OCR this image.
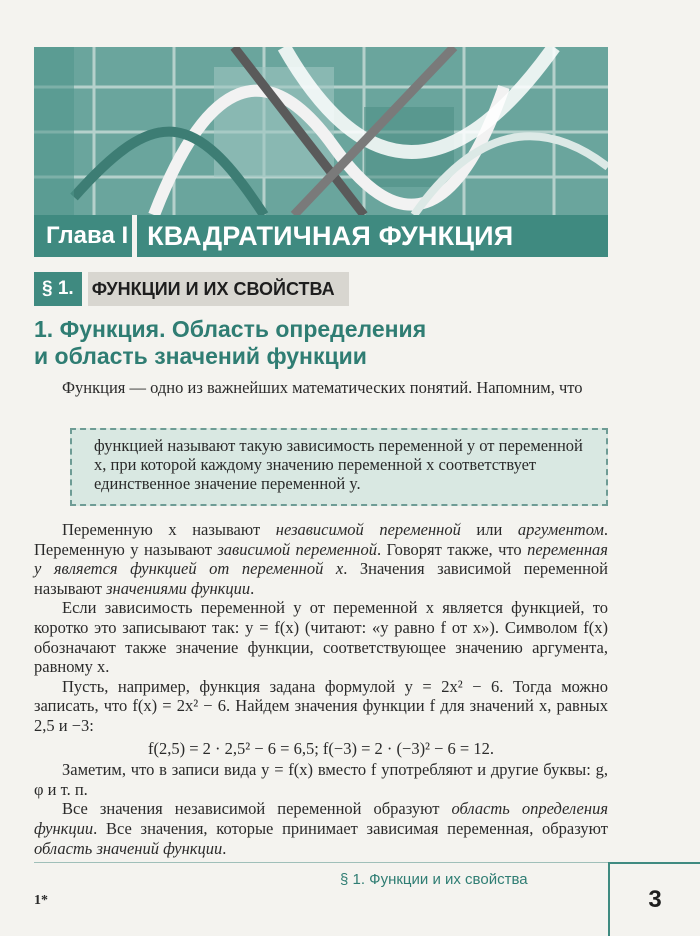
Глава I КВАДРАТИЧНАЯ ФУНКЦИЯ
§ 1.	ФУНКЦИИ И ИХ СВОЙСТВА
1. Функция. Область определения
и область значений функции

Функция — одно из важнейших математических понятий. Напомним, что

функцией называют такую зависимость переменной y от переменной x, при которой каждому значению переменной x соответствует единственное значение переменной y.

Переменную x называют независимой переменной или аргументом. Переменную y называют зависимой переменной. Говорят также, что переменная y является функцией от переменной x. Значения зависимой переменной называют значениями функции.

Если зависимость переменной y от переменной x является функцией, то коротко это записывают так: y = f(x) (читают: «y равно f от x»). Символом f(x) обозначают также значение функции, соответствующее значению аргумента, равному x.

Пусть, например, функция задана формулой y = 2x² − 6. Тогда можно записать, что f(x) = 2x² − 6. Найдем значения функции f для значений x, равных 2,5 и −3:

f(2,5) = 2 · 2,5² − 6 = 6,5; f(−3) = 2 · (−3)² − 6 = 12.

Заметим, что в записи вида y = f(x) вместо f употребляют и другие буквы: g, φ и т. п.

Все значения независимой переменной образуют область определения функции. Все значения, которые принимает зависимая переменная, образуют область значений функции.

§ 1. Функции и их свойства
1*	3
